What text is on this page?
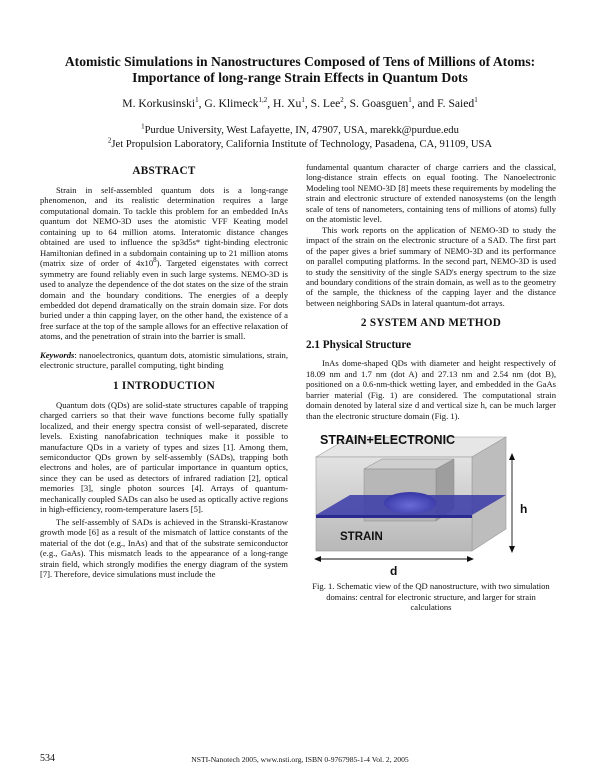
Atomistic Simulations in Nanostructures Composed of Tens of Millions of Atoms:
Importance of long-range Strain Effects in Quantum Dots
M. Korkusinski$^1$, G. Klimeck$^{1,2}$, H. Xu$^1$, S. Lee$^2$, S. Goasguen$^1$, and F. Saied$^1$
$^1$Purdue University, West Lafayette, IN, 47907, USA, marekk@purdue.edu
$^2$Jet Propulsion Laboratory, California Institute of Technology, Pasadena, CA, 91109, USA
ABSTRACT

Strain in self-assembled quantum dots is a long-range phenomenon, and its realistic determination requires a large computational domain. To tackle this problem for an embedded InAs quantum dot NEMO-3D uses the atomistic VFF Keating model containing up to 64 million atoms. Interatomic distance changes obtained are used to influence the sp3d5s* tight-binding electronic Hamiltonian defined in a subdomain containing up to 21 million atoms (matrix size of order of $4x10^8$). Targeted eigenstates with correct symmetry are found reliably even in such large systems. NEMO-3D is used to analyze the dependence of the dot states on the size of the strain domain and the boundary conditions. The energies of a deeply embedded dot depend dramatically on the strain domain size. For dots buried under a thin capping layer, on the other hand, the existence of a free surface at the top of the sample allows for an effective relaxation of atoms, and the penetration of strain into the barrier is small.

Keywords: nanoelectronics, quantum dots, atomistic simulations, strain, electronic structure, parallel computing, tight binding

1 INTRODUCTION

Quantum dots (QDs) are solid-state structures capable of trapping charged carriers so that their wave functions become fully spatially localized, and their energy spectra consist of well-separated, discrete levels. Existing nanofabrication techniques make it possible to manufacture QDs in a variety of types and sizes [1]. Among them, semiconductor QDs grown by self-assembly (SADs), trapping both electrons and holes, are of particular importance in quantum optics, since they can be used as detectors of infrared radiation [2], optical memories [3], single photon sources [4]. Arrays of quantum-mechanically coupled SADs can also be used as optically active regions in high-efficiency, room-temperature lasers [5].

The self-assembly of SADs is achieved in the Stranski-Krastanow growth mode [6] as a result of the mismatch of lattice constants of the material of the dot (e.g., InAs) and that of the substrate semiconductor (e.g., GaAs). This mismatch leads to the appearance of a long-range strain field, which strongly modifies the energy diagram of the system [7]. Therefore, device simulations must include the

fundamental quantum character of charge carriers and the classical, long-distance strain effects on equal footing. The Nanoelectronic Modeling tool NEMO-3D [8] meets these requirements by modeling the strain and electronic structure of extended nanosystems (on the length scale of tens of nanometers, containing tens of millions of atoms) fully on the atomistic level.

This work reports on the application of NEMO-3D to study the impact of the strain on the electronic structure of a SAD. The first part of the paper gives a brief summary of NEMO-3D and its performance on parallel computing platforms. In the second part, NEMO-3D is used to study the sensitivity of the single SAD's energy spectrum to the size and boundary conditions of the strain domain, as well as to the geometry of the sample, the thickness of the capping layer and the distance between neighboring SADs in lateral quantum-dot arrays.

2 SYSTEM AND METHOD
2.1 Physical Structure

InAs dome-shaped QDs with diameter and height respectively of 18.09 nm and 1.7 nm (dot A) and 27.13 nm and 2.54 nm (dot B), positioned on a 0.6-nm-thick wetting layer, and embedded in the GaAs barrier material (Fig. 1) are considered. The computational strain domain denoted by lateral size d and vertical size h, can be much larger than the electronic structure domain (Fig. 1).

STRAIN+ELECTRONIC
STRAIN
h
d
Fig. 1. Schematic view of the QD nanostructure, with two simulation domains: central for electronic structure, and larger for strain calculations
534	NSTI-Nanotech 2005, www.nsti.org, ISBN 0-9767985-1-4 Vol. 2, 2005
